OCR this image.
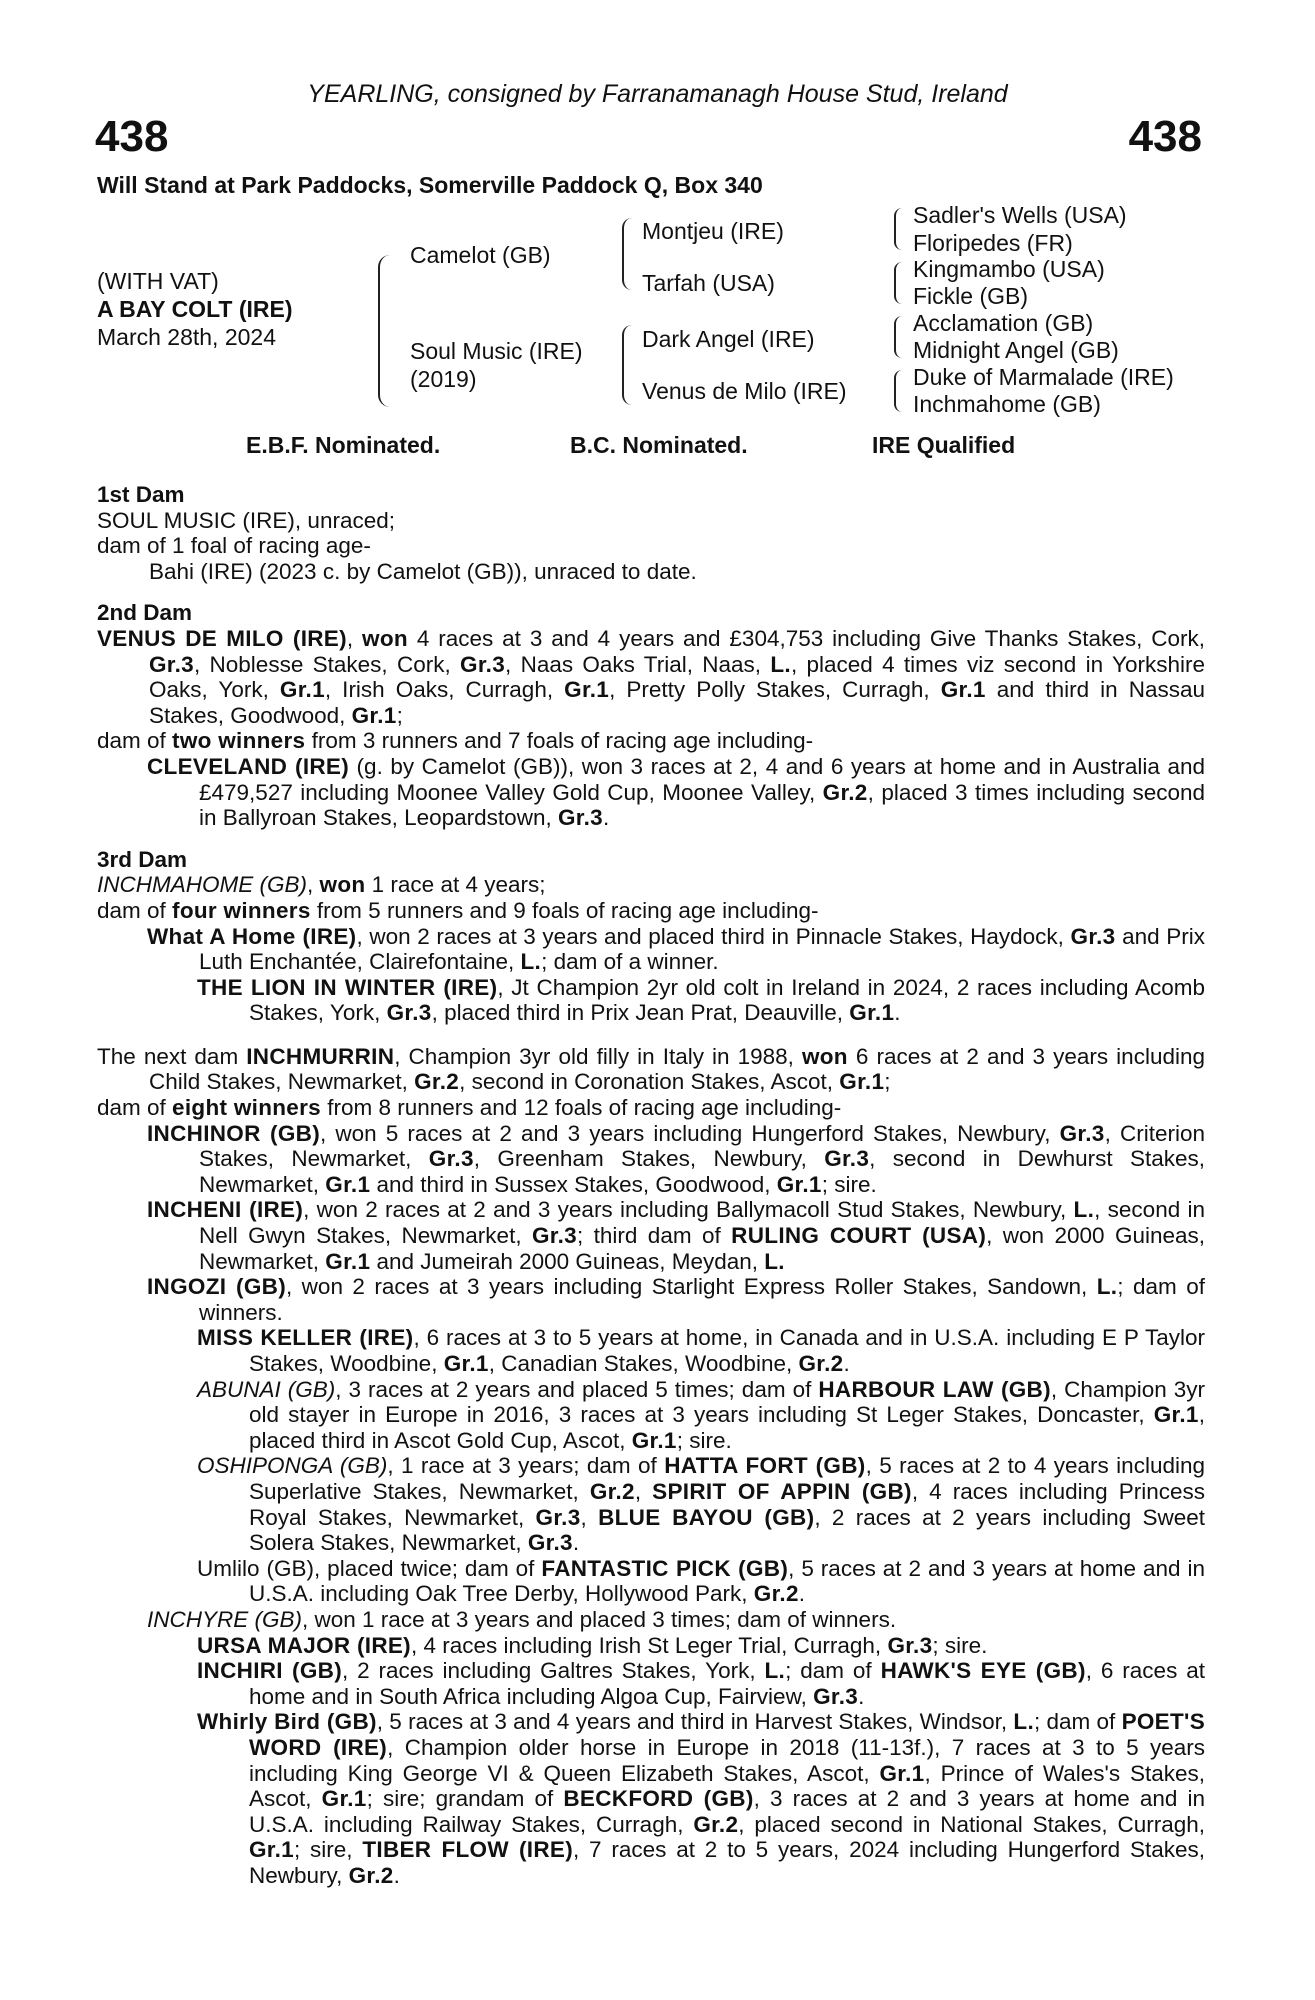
YEARLING, consigned by Farranamanagh House Stud, Ireland
438	438
Will Stand at Park Paddocks, Somerville Paddock Q, Box 340
(WITH VAT)
A BAY COLT (IRE)
March 28th, 2024
Camelot (GB)
Soul Music (IRE)
(2019)
Montjeu (IRE)
Tarfah (USA)
Dark Angel (IRE)
Venus de Milo (IRE)
Sadler's Wells (USA)
Floripedes (FR)
Kingmambo (USA)
Fickle (GB)
Acclamation (GB)
Midnight Angel (GB)
Duke of Marmalade (IRE)
Inchmahome (GB)
E.B.F. Nominated.	B.C. Nominated.	IRE Qualified

1st Dam

SOUL MUSIC (IRE), unraced;

dam of 1 foal of racing age-

Bahi (IRE) (2023 c. by Camelot (GB)), unraced to date.

2nd Dam

VENUS DE MILO (IRE), won 4 races at 3 and 4 years and £304,753 including Give Thanks Stakes, Cork, Gr.3, Noblesse Stakes, Cork, Gr.3, Naas Oaks Trial, Naas, L., placed 4 times viz second in Yorkshire Oaks, York, Gr.1, Irish Oaks, Curragh, Gr.1, Pretty Polly Stakes, Curragh, Gr.1 and third in Nassau Stakes, Goodwood, Gr.1;

dam of two winners from 3 runners and 7 foals of racing age including-

CLEVELAND (IRE) (g. by Camelot (GB)), won 3 races at 2, 4 and 6 years at home and in Australia and £479,527 including Moonee Valley Gold Cup, Moonee Valley, Gr.2, placed 3 times including second in Ballyroan Stakes, Leopardstown, Gr.3.

3rd Dam

INCHMAHOME (GB), won 1 race at 4 years;

dam of four winners from 5 runners and 9 foals of racing age including-

What A Home (IRE), won 2 races at 3 years and placed third in Pinnacle Stakes, Haydock, Gr.3 and Prix Luth Enchantée, Clairefontaine, L.; dam of a winner.

THE LION IN WINTER (IRE), Jt Champion 2yr old colt in Ireland in 2024, 2 races including Acomb Stakes, York, Gr.3, placed third in Prix Jean Prat, Deauville, Gr.1.

The next dam INCHMURRIN, Champion 3yr old filly in Italy in 1988, won 6 races at 2 and 3 years including Child Stakes, Newmarket, Gr.2, second in Coronation Stakes, Ascot, Gr.1;

dam of eight winners from 8 runners and 12 foals of racing age including-

INCHINOR (GB), won 5 races at 2 and 3 years including Hungerford Stakes, Newbury, Gr.3, Criterion Stakes, Newmarket, Gr.3, Greenham Stakes, Newbury, Gr.3, second in Dewhurst Stakes, Newmarket, Gr.1 and third in Sussex Stakes, Goodwood, Gr.1; sire.

INCHENI (IRE), won 2 races at 2 and 3 years including Ballymacoll Stud Stakes, Newbury, L., second in Nell Gwyn Stakes, Newmarket, Gr.3; third dam of RULING COURT (USA), won 2000 Guineas, Newmarket, Gr.1 and Jumeirah 2000 Guineas, Meydan, L.

INGOZI (GB), won 2 races at 3 years including Starlight Express Roller Stakes, Sandown, L.; dam of winners.

MISS KELLER (IRE), 6 races at 3 to 5 years at home, in Canada and in U.S.A. including E P Taylor Stakes, Woodbine, Gr.1, Canadian Stakes, Woodbine, Gr.2.

ABUNAI (GB), 3 races at 2 years and placed 5 times; dam of HARBOUR LAW (GB), Champion 3yr old stayer in Europe in 2016, 3 races at 3 years including St Leger Stakes, Doncaster, Gr.1, placed third in Ascot Gold Cup, Ascot, Gr.1; sire.

OSHIPONGA (GB), 1 race at 3 years; dam of HATTA FORT (GB), 5 races at 2 to 4 years including Superlative Stakes, Newmarket, Gr.2, SPIRIT OF APPIN (GB), 4 races including Princess Royal Stakes, Newmarket, Gr.3, BLUE BAYOU (GB), 2 races at 2 years including Sweet Solera Stakes, Newmarket, Gr.3.

Umlilo (GB), placed twice; dam of FANTASTIC PICK (GB), 5 races at 2 and 3 years at home and in U.S.A. including Oak Tree Derby, Hollywood Park, Gr.2.

INCHYRE (GB), won 1 race at 3 years and placed 3 times; dam of winners.

URSA MAJOR (IRE), 4 races including Irish St Leger Trial, Curragh, Gr.3; sire.

INCHIRI (GB), 2 races including Galtres Stakes, York, L.; dam of HAWK'S EYE (GB), 6 races at home and in South Africa including Algoa Cup, Fairview, Gr.3.

Whirly Bird (GB), 5 races at 3 and 4 years and third in Harvest Stakes, Windsor, L.; dam of POET'S WORD (IRE), Champion older horse in Europe in 2018 (11-13f.), 7 races at 3 to 5 years including King George VI & Queen Elizabeth Stakes, Ascot, Gr.1, Prince of Wales's Stakes, Ascot, Gr.1; sire; grandam of BECKFORD (GB), 3 races at 2 and 3 years at home and in U.S.A. including Railway Stakes, Curragh, Gr.2, placed second in National Stakes, Curragh, Gr.1; sire, TIBER FLOW (IRE), 7 races at 2 to 5 years, 2024 including Hungerford Stakes, Newbury, Gr.2.
